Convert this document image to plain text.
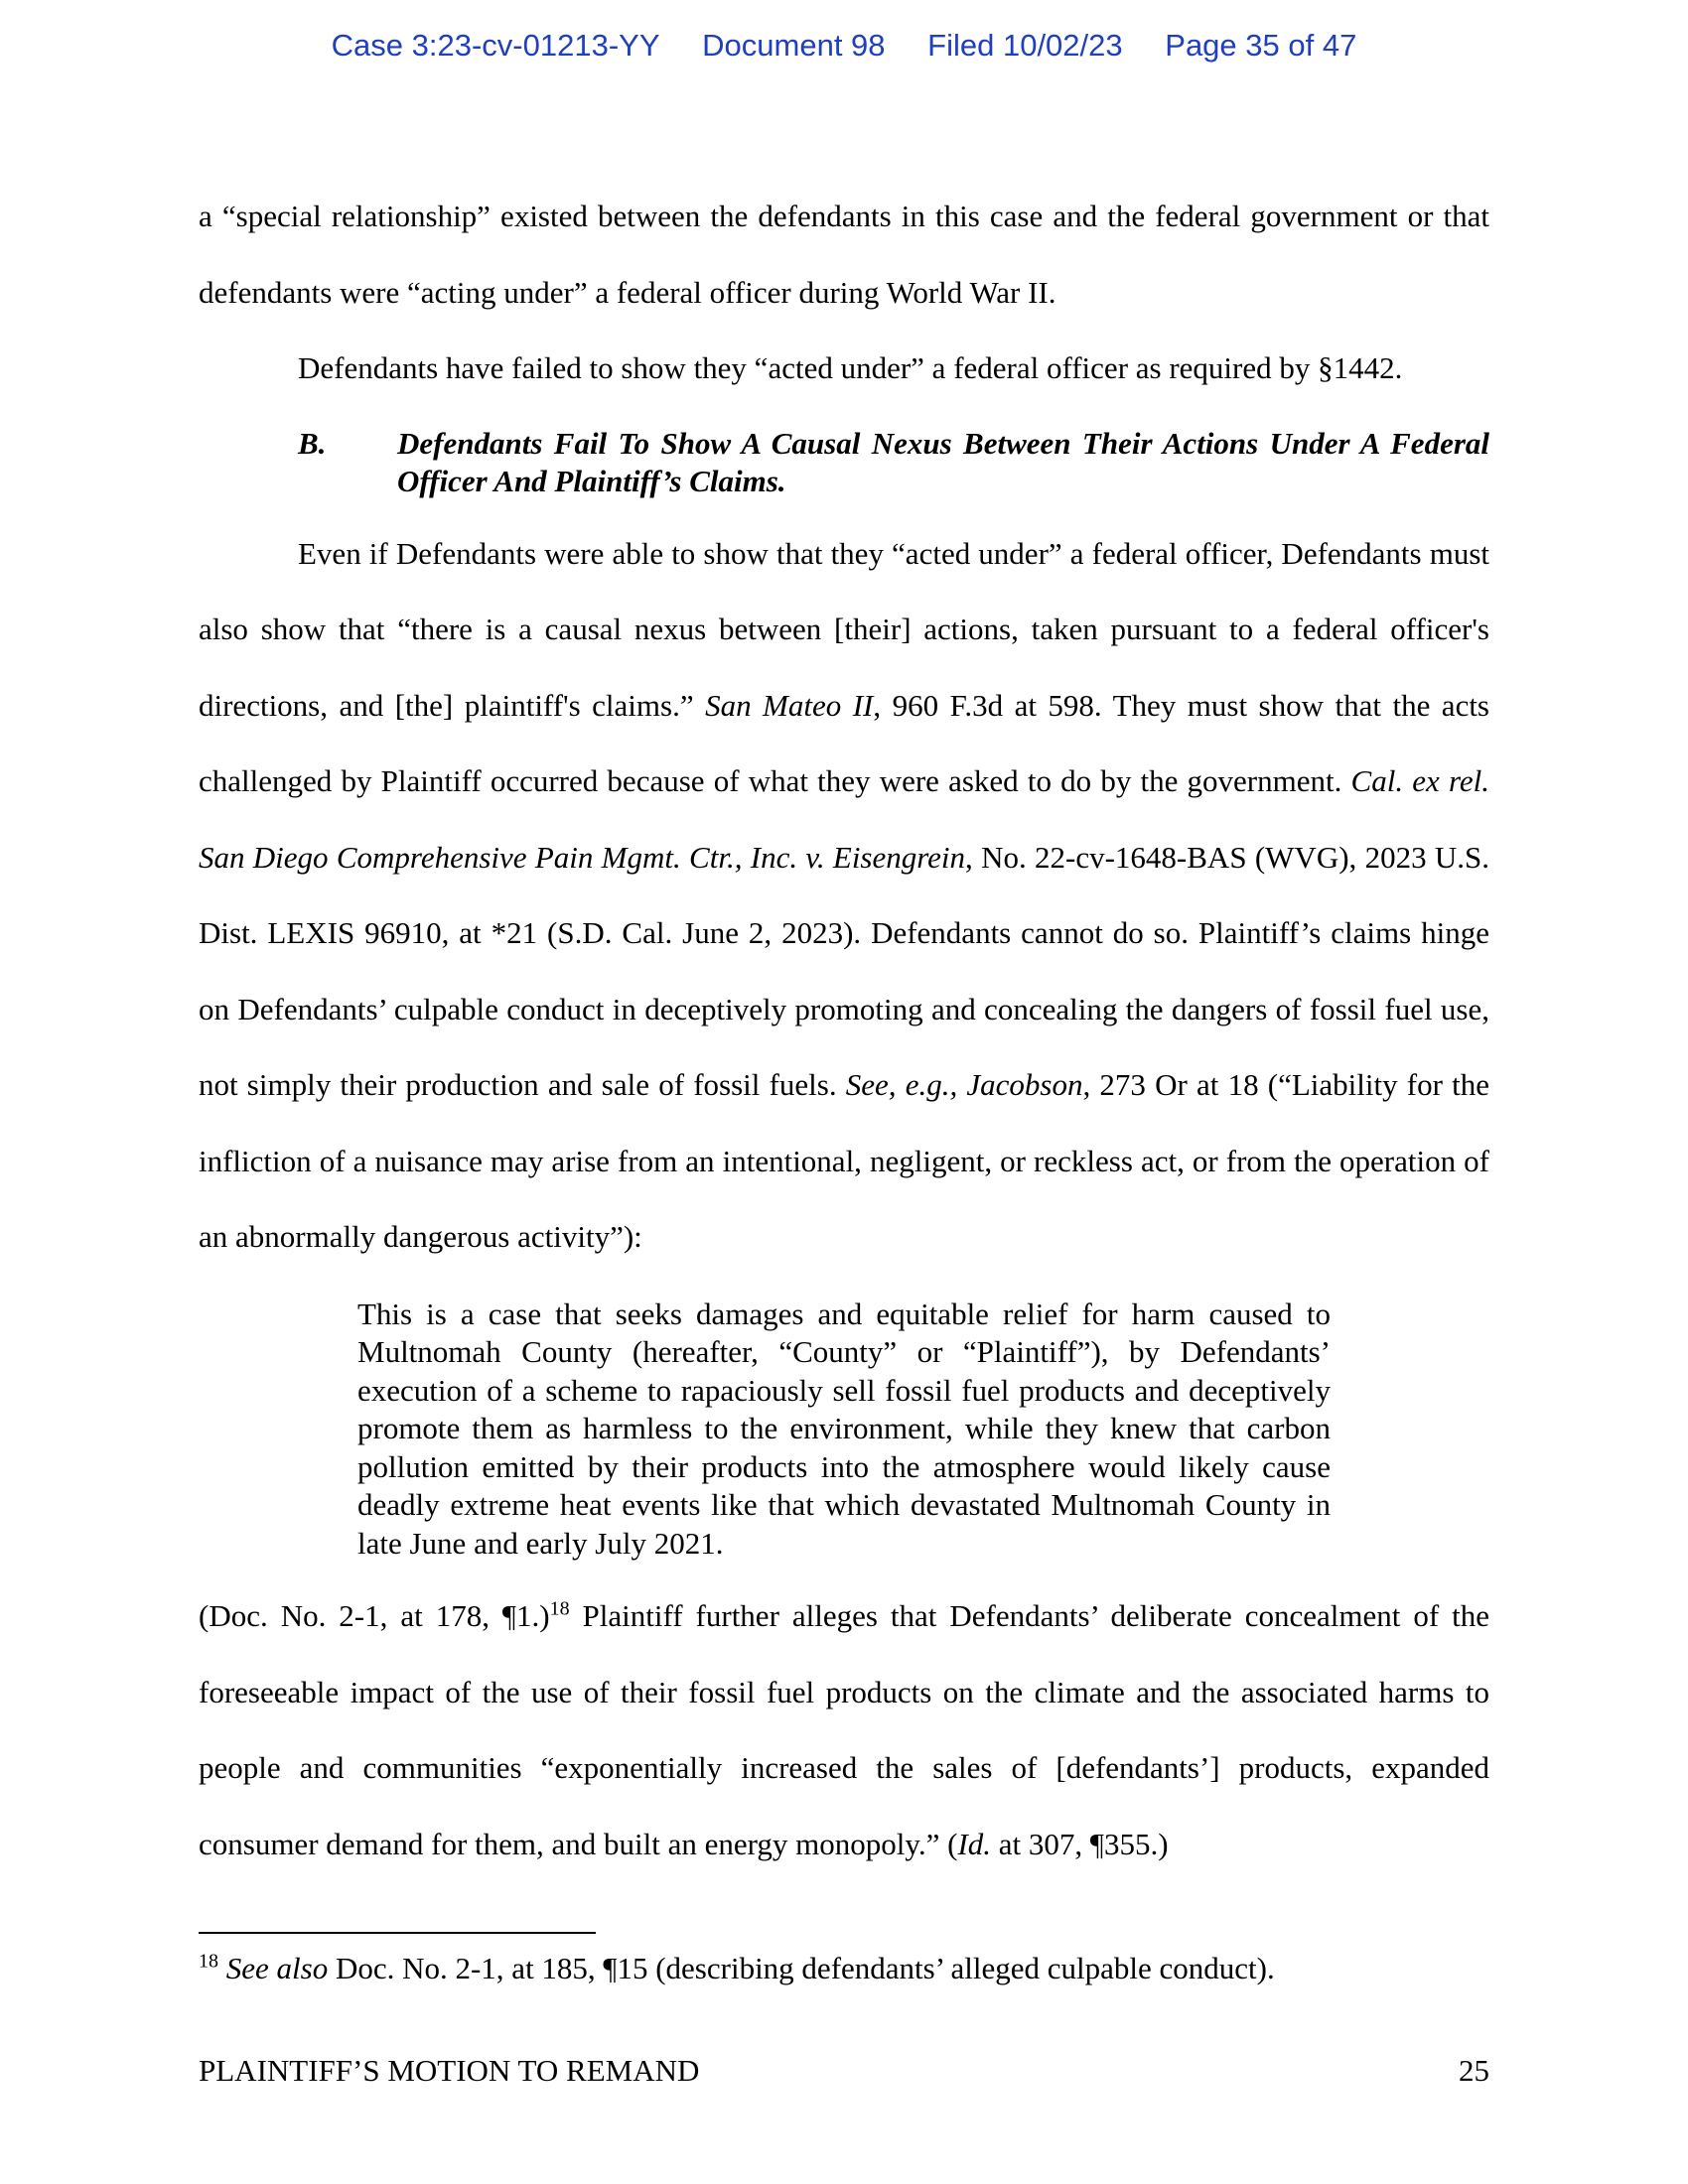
Case 3:23-cv-01213-YY Document 98 Filed 10/02/23 Page 35 of 47

a “special relationship” existed between the defendants in this case and the federal government or that defendants were “acting under” a federal officer during World War II.

Defendants have failed to show they “acted under” a federal officer as required by §1442.

B.	Defendants Fail To Show A Causal Nexus Between Their Actions Under A Federal Officer And Plaintiff’s Claims.

Even if Defendants were able to show that they “acted under” a federal officer, Defendants must also show that “there is a causal nexus between [their] actions, taken pursuant to a federal officer's directions, and [the] plaintiff's claims.” San Mateo II, 960 F.3d at 598. They must show that the acts challenged by Plaintiff occurred because of what they were asked to do by the government. Cal. ex rel. San Diego Comprehensive Pain Mgmt. Ctr., Inc. v. Eisengrein, No. 22-cv-1648-BAS (WVG), 2023 U.S. Dist. LEXIS 96910, at *21 (S.D. Cal. June 2, 2023). Defendants cannot do so. Plaintiff’s claims hinge on Defendants’ culpable conduct in deceptively promoting and concealing the dangers of fossil fuel use, not simply their production and sale of fossil fuels. See, e.g., Jacobson, 273 Or at 18 (“Liability for the infliction of a nuisance may arise from an intentional, negligent, or reckless act, or from the operation of an abnormally dangerous activity”):

This is a case that seeks damages and equitable relief for harm caused to Multnomah County (hereafter, “County” or “Plaintiff”), by Defendants’ execution of a scheme to rapaciously sell fossil fuel products and deceptively promote them as harmless to the environment, while they knew that carbon pollution emitted by their products into the atmosphere would likely cause deadly extreme heat events like that which devastated Multnomah County in late June and early July 2021.

(Doc. No. 2-1, at 178, ¶1.)$^{18}$ Plaintiff further alleges that Defendants’ deliberate concealment of the foreseeable impact of the use of their fossil fuel products on the climate and the associated harms to people and communities “exponentially increased the sales of [defendants’] products, expanded consumer demand for them, and built an energy monopoly.” (Id. at 307, ¶355.)

$^{18}$ See also Doc. No. 2-1, at 185, ¶15 (describing defendants’ alleged culpable conduct).
PLAINTIFF’S MOTION TO REMAND	25
